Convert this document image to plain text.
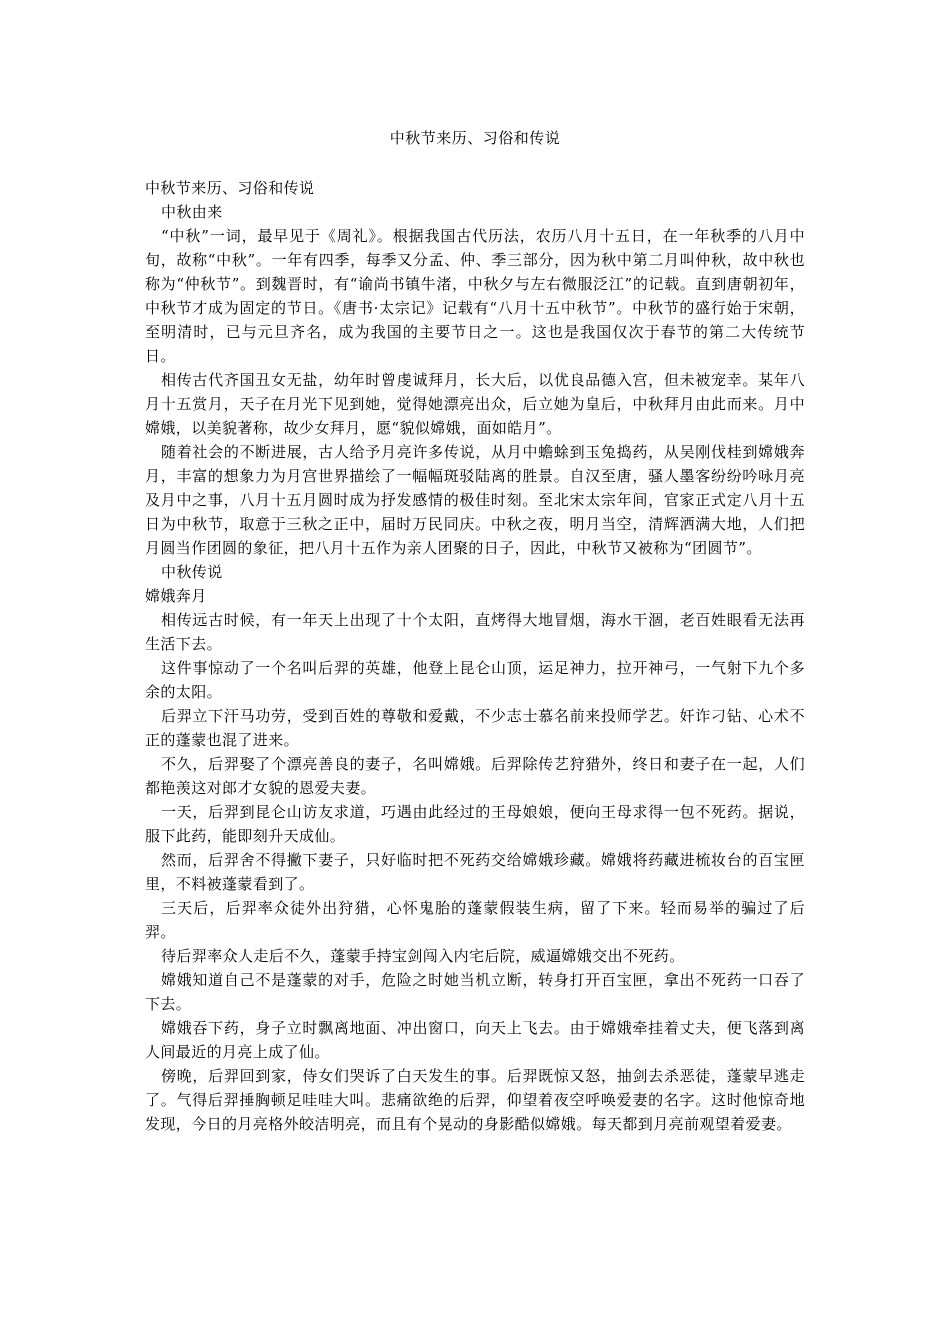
中秋节来历、习俗和传说

中秋节来历、习俗和传说

中秋由来

“中秋”一词，最早见于《周礼》。根据我国古代历法，农历八月十五日，在一年秋季的八月中旬，故称“中秋”。一年有四季，每季又分孟、仲、季三部分，因为秋中第二月叫仲秋，故中秋也称为“仲秋节”。到魏晋时，有“谕尚书镇牛渚，中秋夕与左右微服泛江”的记载。直到唐朝初年，中秋节才成为固定的节日。《唐书·太宗记》记载有“八月十五中秋节”。中秋节的盛行始于宋朝，至明清时，已与元旦齐名，成为我国的主要节日之一。这也是我国仅次于春节的第二大传统节日。

相传古代齐国丑女无盐，幼年时曾虔诚拜月，长大后，以优良品德入宫，但未被宠幸。某年八月十五赏月，天子在月光下见到她，觉得她漂亮出众，后立她为皇后，中秋拜月由此而来。月中嫦娥，以美貌著称，故少女拜月，愿“貌似嫦娥，面如皓月”。

随着社会的不断进展，古人给予月亮许多传说，从月中蟾蜍到玉兔捣药，从吴刚伐桂到嫦娥奔月，丰富的想象力为月宫世界描绘了一幅幅斑驳陆离的胜景。自汉至唐，骚人墨客纷纷吟咏月亮及月中之事，八月十五月圆时成为抒发感情的极佳时刻。至北宋太宗年间，官家正式定八月十五日为中秋节，取意于三秋之正中，届时万民同庆。中秋之夜，明月当空，清辉洒满大地，人们把月圆当作团圆的象征，把八月十五作为亲人团聚的日子，因此，中秋节又被称为“团圆节”。

中秋传说

嫦娥奔月

相传远古时候，有一年天上出现了十个太阳，直烤得大地冒烟，海水干涸，老百姓眼看无法再生活下去。

这件事惊动了一个名叫后羿的英雄，他登上昆仑山顶，运足神力，拉开神弓，一气射下九个多余的太阳。

后羿立下汗马功劳，受到百姓的尊敬和爱戴，不少志士慕名前来投师学艺。奸诈刁钻、心术不正的蓬蒙也混了进来。

不久，后羿娶了个漂亮善良的妻子，名叫嫦娥。后羿除传艺狩猎外，终日和妻子在一起，人们都艳羡这对郎才女貌的恩爱夫妻。

一天，后羿到昆仑山访友求道，巧遇由此经过的王母娘娘，便向王母求得一包不死药。据说，服下此药，能即刻升天成仙。

然而，后羿舍不得撇下妻子，只好临时把不死药交给嫦娥珍藏。嫦娥将药藏进梳妆台的百宝匣里，不料被蓬蒙看到了。

三天后，后羿率众徒外出狩猎，心怀鬼胎的蓬蒙假装生病，留了下来。轻而易举的骗过了后羿。

待后羿率众人走后不久，蓬蒙手持宝剑闯入内宅后院，威逼嫦娥交出不死药。

嫦娥知道自己不是蓬蒙的对手，危险之时她当机立断，转身打开百宝匣，拿出不死药一口吞了下去。

嫦娥吞下药，身子立时飘离地面、冲出窗口，向天上飞去。由于嫦娥牵挂着丈夫，便飞落到离人间最近的月亮上成了仙。

傍晚，后羿回到家，侍女们哭诉了白天发生的事。后羿既惊又怒，抽剑去杀恶徒，蓬蒙早逃走了。气得后羿捶胸顿足哇哇大叫。悲痛欲绝的后羿，仰望着夜空呼唤爱妻的名字。这时他惊奇地发现，今日的月亮格外皎洁明亮，而且有个晃动的身影酷似嫦娥。每天都到月亮前观望着爱妻。
